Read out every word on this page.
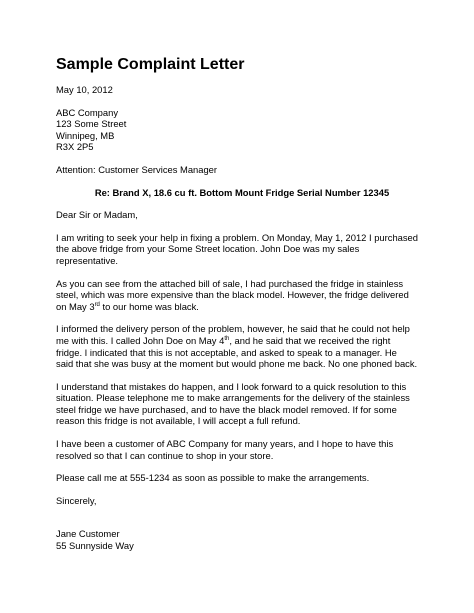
Sample Complaint Letter
May 10, 2012
ABC Company
123 Some Street
Winnipeg, MB
R3X 2P5
Attention: Customer Services Manager
Re: Brand X, 18.6 cu ft. Bottom Mount Fridge Serial Number 12345
Dear Sir or Madam,
I am writing to seek your help in fixing a problem. On Monday, May 1, 2012 I purchased
the above fridge from your Some Street location. John Doe was my sales
representative.
As you can see from the attached bill of sale, I had purchased the fridge in stainless
steel, which was more expensive than the black model. However, the fridge delivered
on May 3rd to our home was black.
I informed the delivery person of the problem, however, he said that he could not help
me with this. I called John Doe on May 4th, and he said that we received the right
fridge. I indicated that this is not acceptable, and asked to speak to a manager. He
said that she was busy at the moment but would phone me back. No one phoned back.
I understand that mistakes do happen, and I look forward to a quick resolution to this
situation. Please telephone me to make arrangements for the delivery of the stainless
steel fridge we have purchased, and to have the black model removed. If for some
reason this fridge is not available, I will accept a full refund.
I have been a customer of ABC Company for many years, and I hope to have this
resolved so that I can continue to shop in your store.
Please call me at 555-1234 as soon as possible to make the arrangements.
Sincerely,
Jane Customer
55 Sunnyside Way
